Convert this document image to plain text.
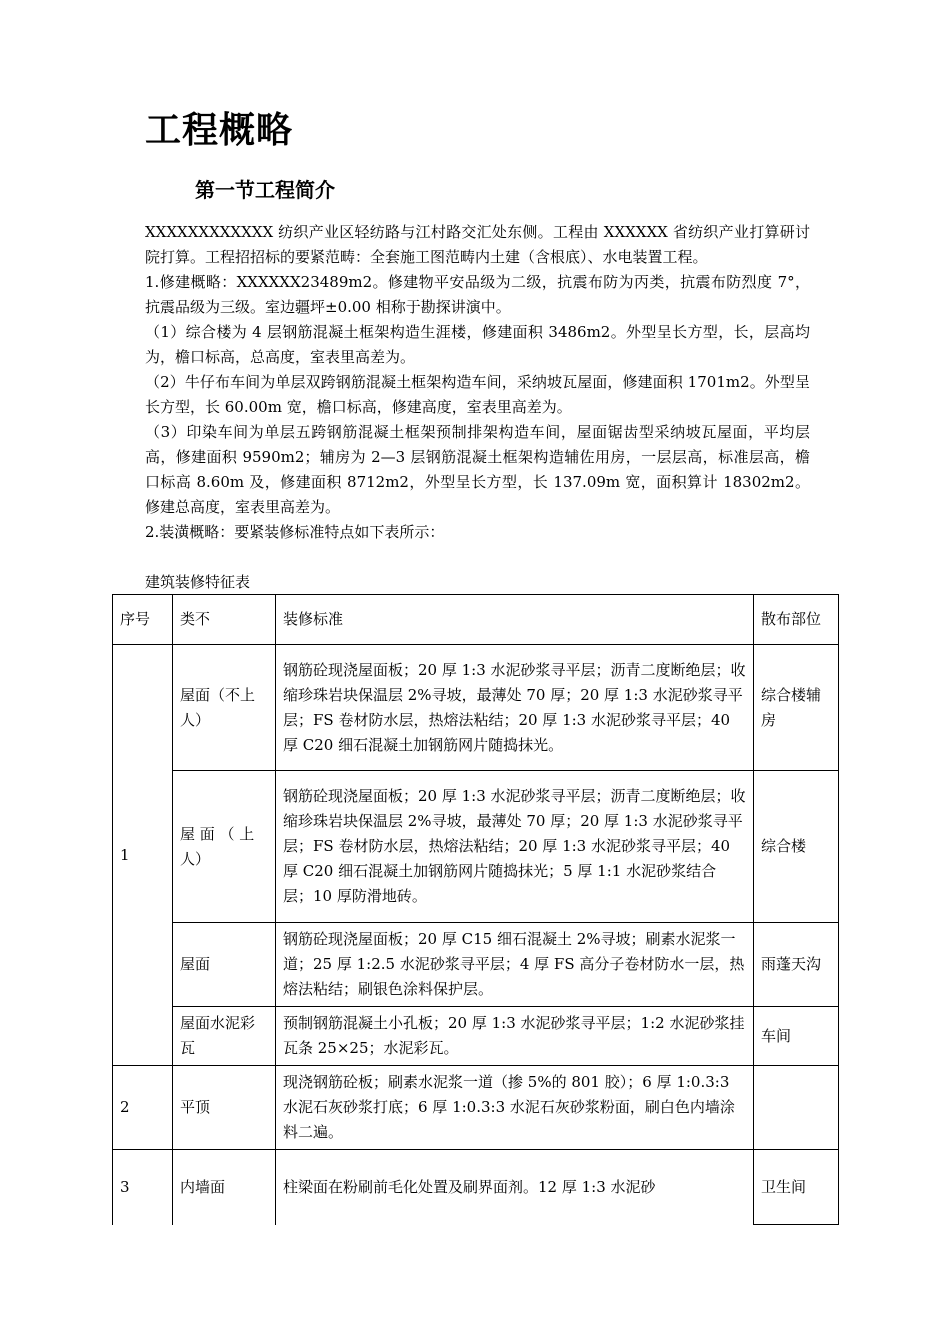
工程概略
第一节工程简介

XXXXXXXXXXXX 纺织产业区轻纺路与江村路交汇处东侧。工程由 XXXXXX 省纺织产业打算研讨院打算。工程招招标的要紧范畴：全套施工图范畴内土建（含根底）、水电装置工程。

1.修建概略：XXXXXX23489m2。修建物平安品级为二级，抗震布防为丙类，抗震布防烈度 7°，抗震品级为三级。室边疆坪±0.00 相称于勘探讲演中。

（1）综合楼为 4 层钢筋混凝土框架构造生涯楼，修建面积 3486m2。外型呈长方型，长，层高均为，檐口标高，总高度，室表里高差为。

（2）牛仔布车间为单层双跨钢筋混凝土框架构造车间，采纳坡瓦屋面，修建面积 1701m2。外型呈长方型，长 60.00m 宽，檐口标高，修建高度，室表里高差为。

（3）印染车间为单层五跨钢筋混凝土框架预制排架构造车间，屋面锯齿型采纳坡瓦屋面，平均层高，修建面积 9590m2；辅房为 2—3 层钢筋混凝土框架构造辅佐用房，一层层高，标准层高，檐口标高 8.60m 及，修建面积 8712m2，外型呈长方型，长 137.09m 宽，面积算计 18302m2。修建总高度，室表里高差为。

2.装潢概略：要紧装修标准特点如下表所示：

建筑装修特征表
序号	类不	装修标准	散布部位
1	屋面（不上人）	钢筋砼现浇屋面板；20 厚 1:3 水泥砂浆寻平层；沥青二度断绝层；收缩珍珠岩块保温层 2%寻坡，最薄处 70 厚；20 厚 1:3 水泥砂浆寻平层；FS 卷材防水层，热熔法粘结；20 厚 1:3 水泥砂浆寻平层；40 厚 C20 细石混凝土加钢筋网片随捣抹光。	综合楼辅房
	屋 面 （ 上人）	钢筋砼现浇屋面板；20 厚 1:3 水泥砂浆寻平层；沥青二度断绝层；收缩珍珠岩块保温层 2%寻坡，最薄处 70 厚；20 厚 1:3 水泥砂浆寻平层；FS 卷材防水层，热熔法粘结；20 厚 1:3 水泥砂浆寻平层；40 厚 C20 细石混凝土加钢筋网片随捣抹光；5 厚 1:1 水泥砂浆结合层；10 厚防滑地砖。	综合楼
	屋面	钢筋砼现浇屋面板；20 厚 C15 细石混凝土 2%寻坡；刷素水泥浆一道；25 厚 1:2.5 水泥砂浆寻平层；4 厚 FS 高分子卷材防水一层，热熔法粘结；刷银色涂料保护层。	雨蓬天沟
	屋面水泥彩瓦	预制钢筋混凝土小孔板；20 厚 1:3 水泥砂浆寻平层；1:2 水泥砂浆挂瓦条 25×25；水泥彩瓦。	车间
2	平顶	现浇钢筋砼板；刷素水泥浆一道（掺 5%的 801 胶）；6 厚 1:0.3:3 水泥石灰砂浆打底；6 厚 1:0.3:3 水泥石灰砂浆粉面，刷白色内墙涂料二遍。	
3	内墙面	柱梁面在粉刷前毛化处置及刷界面剂。12 厚 1:3 水泥砂	卫生间
